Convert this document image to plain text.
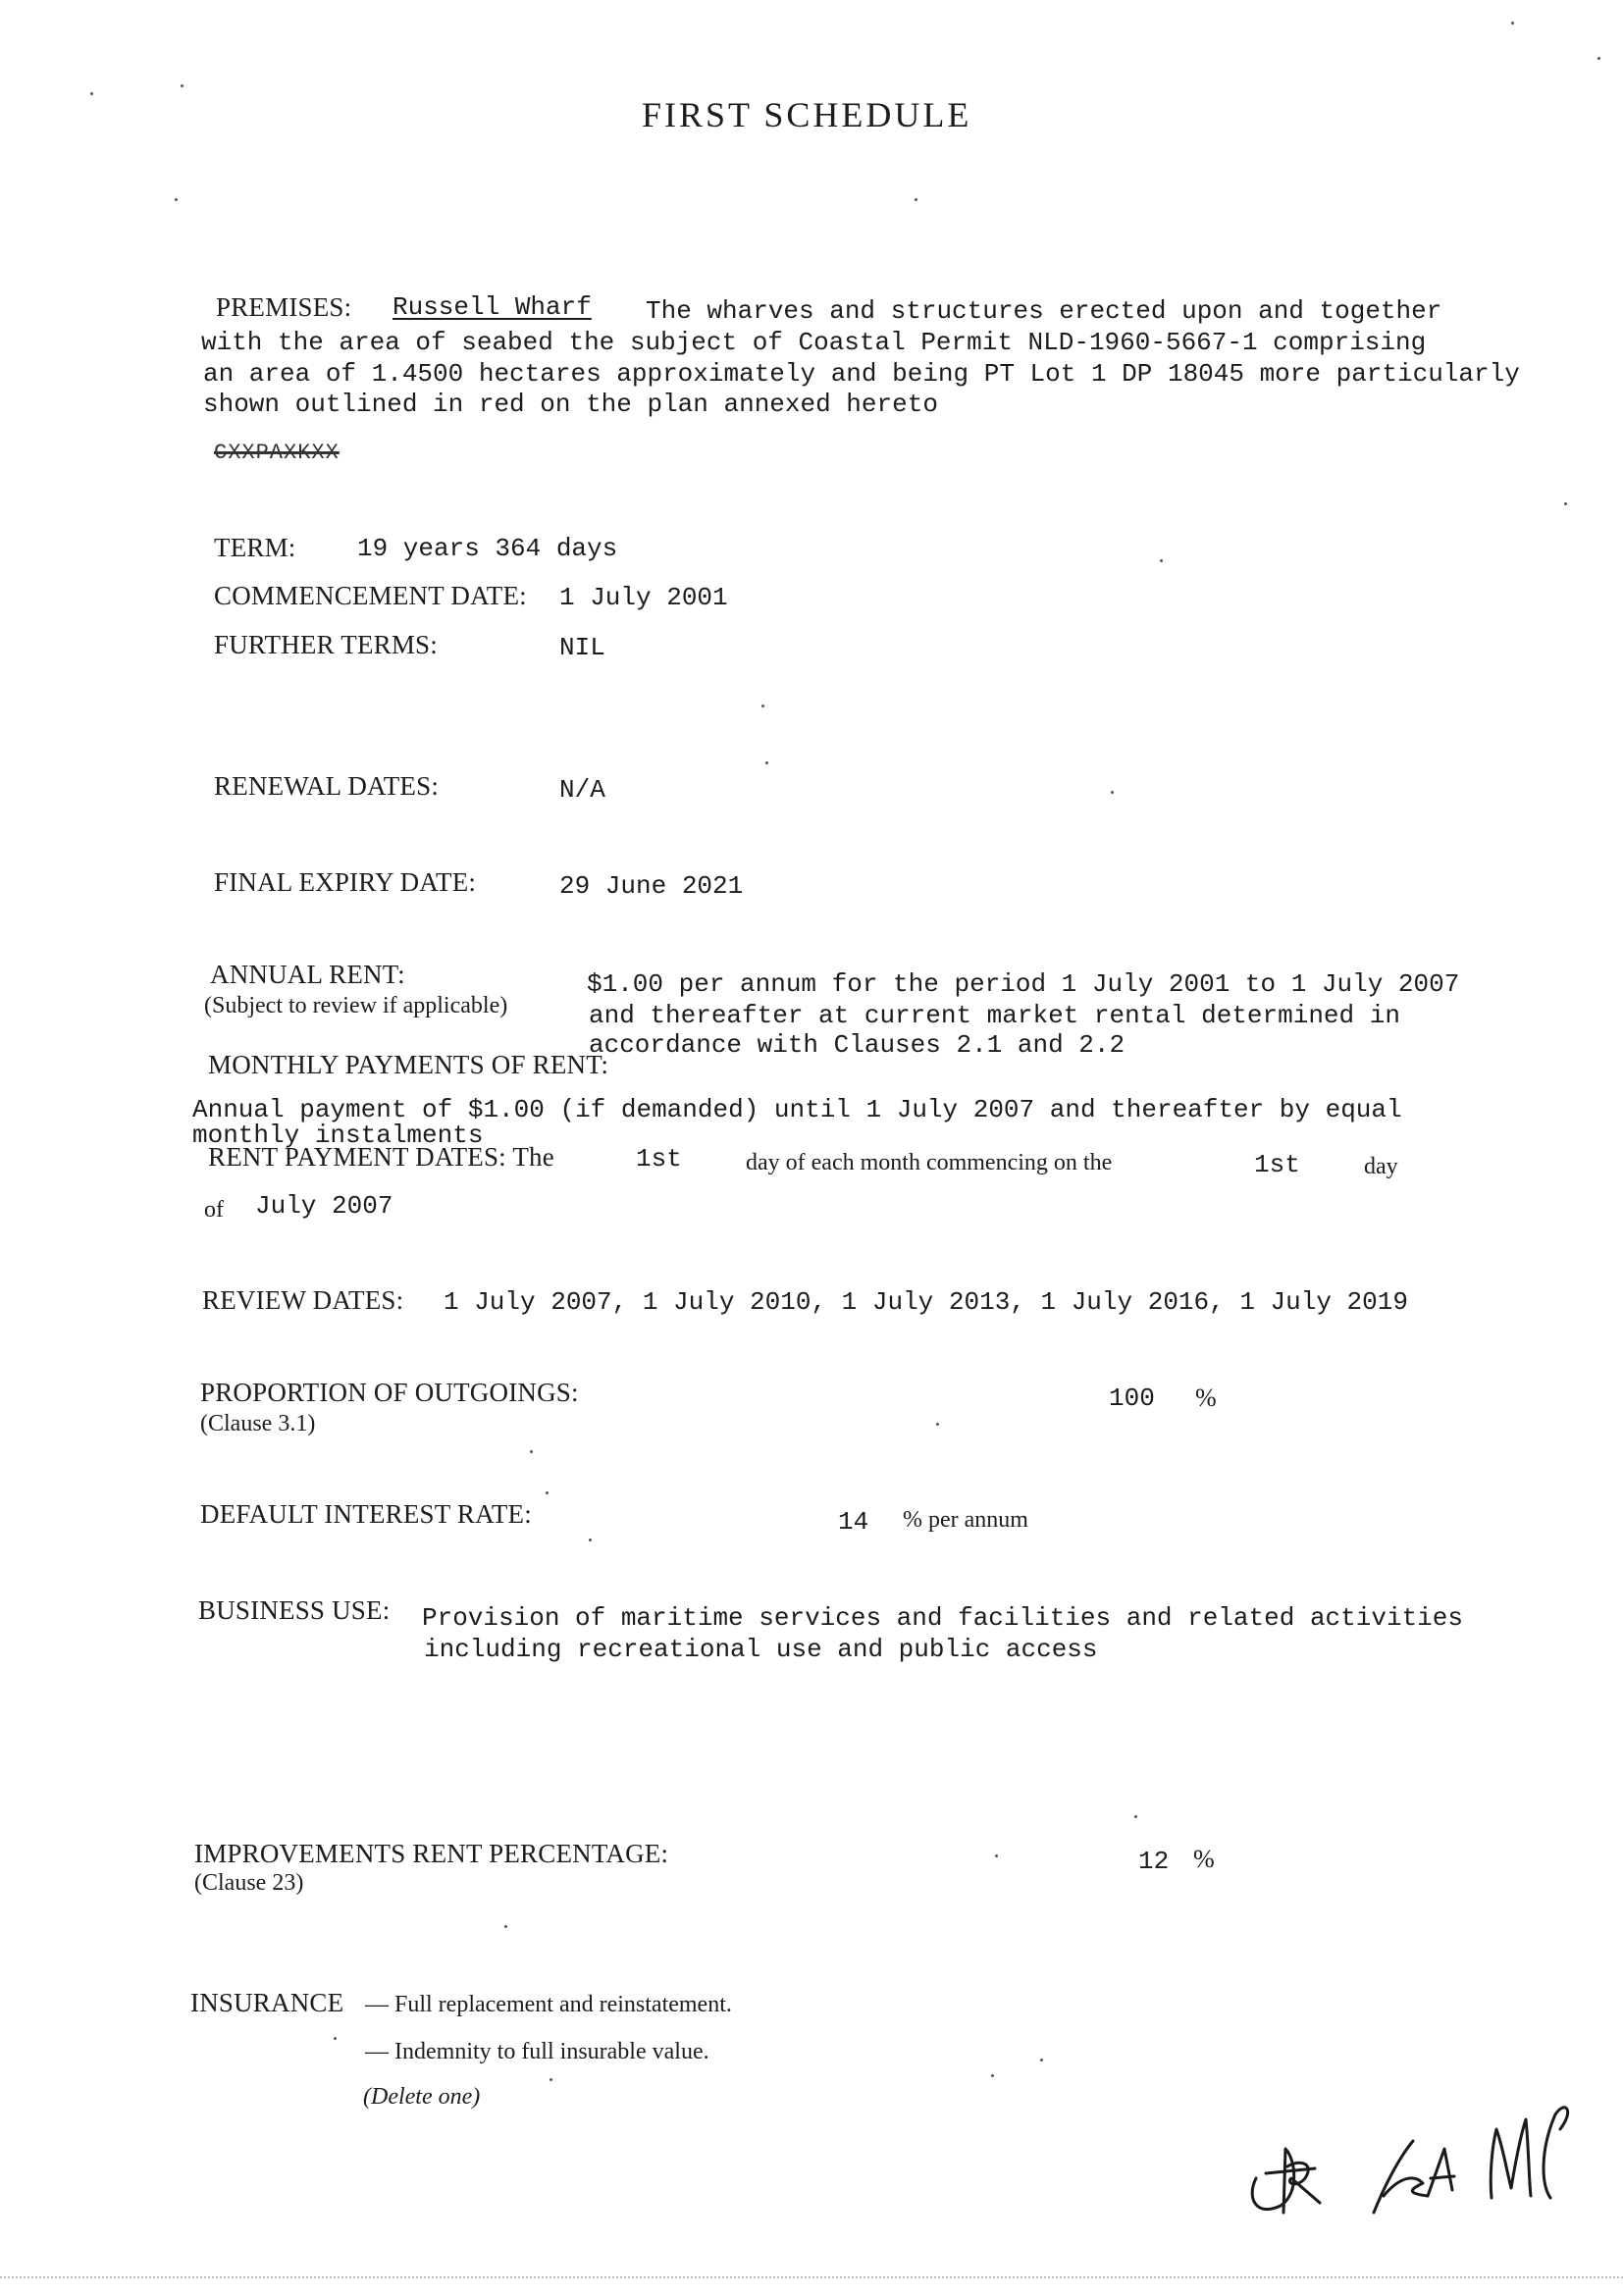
FIRST SCHEDULE
PREMISES: Russell Wharf The wharves and structures erected upon and together
with the area of seabed the subject of Coastal Permit NLD-1960-5667-1 comprising
an area of 1.4500 hectares approximately and being PT Lot 1 DP 18045 more particularly
shown outlined in red on the plan annexed hereto
CXXPAXKXX
TERM: 19 years 364 days
COMMENCEMENT DATE: 1 July 2001
FURTHER TERMS:	NIL
RENEWAL DATES:	N/A
FINAL EXPIRY DATE:	29 June 2021
ANNUAL RENT:
(Subject to review if applicable)
$1.00 per annum for the period 1 July 2001 to 1 July 2007
and thereafter at current market rental determined in
accordance with Clauses 2.1 and 2.2
MONTHLY PAYMENTS OF RENT:
Annual payment of $1.00 (if demanded) until 1 July 2007 and thereafter by equal
monthly instalments
RENT PAYMENT DATES: The	1st	day of each month commencing on the	1st	day
of July 2007
REVIEW DATES: 1 July 2007, 1 July 2010, 1 July 2013, 1 July 2016, 1 July 2019
PROPORTION OF OUTGOINGS:
(Clause 3.1)
100 %
DEFAULT INTEREST RATE:	14 % per annum
BUSINESS USE: Provision of maritime services and facilities and related activities
including recreational use and public access
IMPROVEMENTS RENT PERCENTAGE:
(Clause 23)
12 %
INSURANCE — Full replacement and reinstatement.
— Indemnity to full insurable value.
(Delete one)
